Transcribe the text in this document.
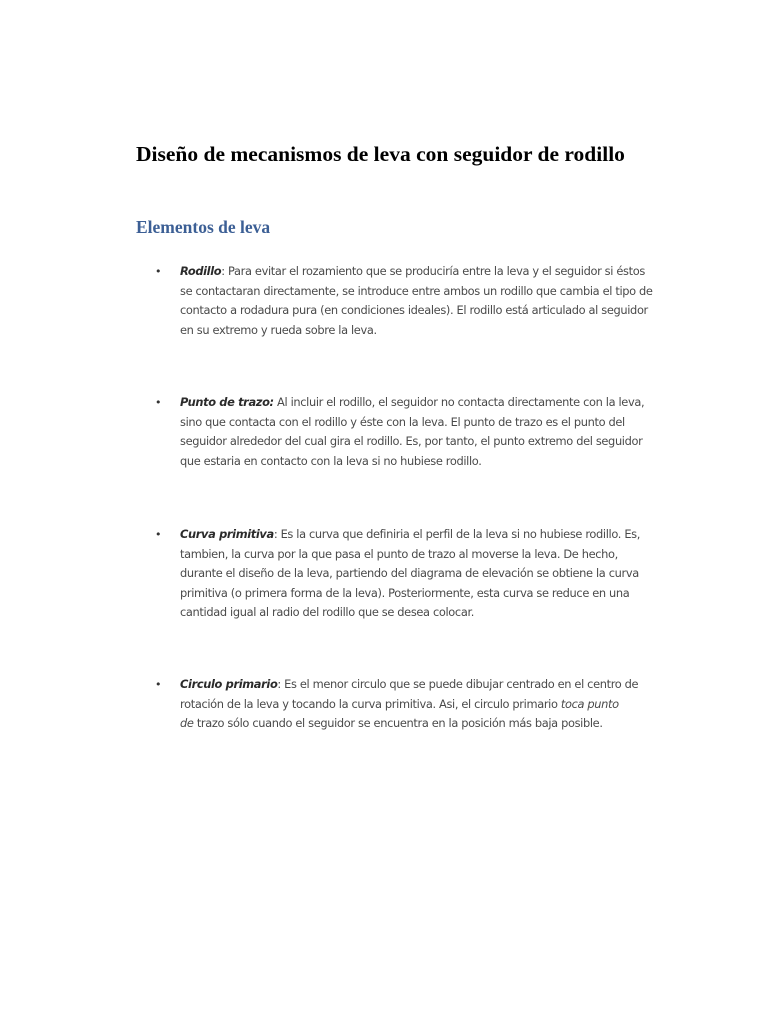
Diseño de mecanismos de leva con seguidor de rodillo
Elementos de leva
•	Rodillo: Para evitar el rozamiento que se produciría entre la leva y el seguidor si éstos
se contactaran directamente, se introduce entre ambos un rodillo que cambia el tipo de
contacto a rodadura pura (en condiciones ideales). El rodillo está articulado al seguidor
en su extremo y rueda sobre la leva.
•	Punto de trazo: Al incluir el rodillo, el seguidor no contacta directamente con la leva,
sino que contacta con el rodillo y éste con la leva. El punto de trazo es el punto del
seguidor alrededor del cual gira el rodillo. Es, por tanto, el punto extremo del seguidor
que estaria en contacto con la leva si no hubiese rodillo.
•	Curva primitiva: Es la curva que definiria el perfil de la leva si no hubiese rodillo. Es,
tambien, la curva por la que pasa el punto de trazo al moverse la leva. De hecho,
durante el diseño de la leva, partiendo del diagrama de elevación se obtiene la curva
primitiva (o primera forma de la leva). Posteriormente, esta curva se reduce en una
cantidad igual al radio del rodillo que se desea colocar.
•	Circulo primario: Es el menor circulo que se puede dibujar centrado en el centro de
rotación de la leva y tocando la curva primitiva. Asi, el circulo primario toca punto
de trazo sólo cuando el seguidor se encuentra en la posición más baja posible.
